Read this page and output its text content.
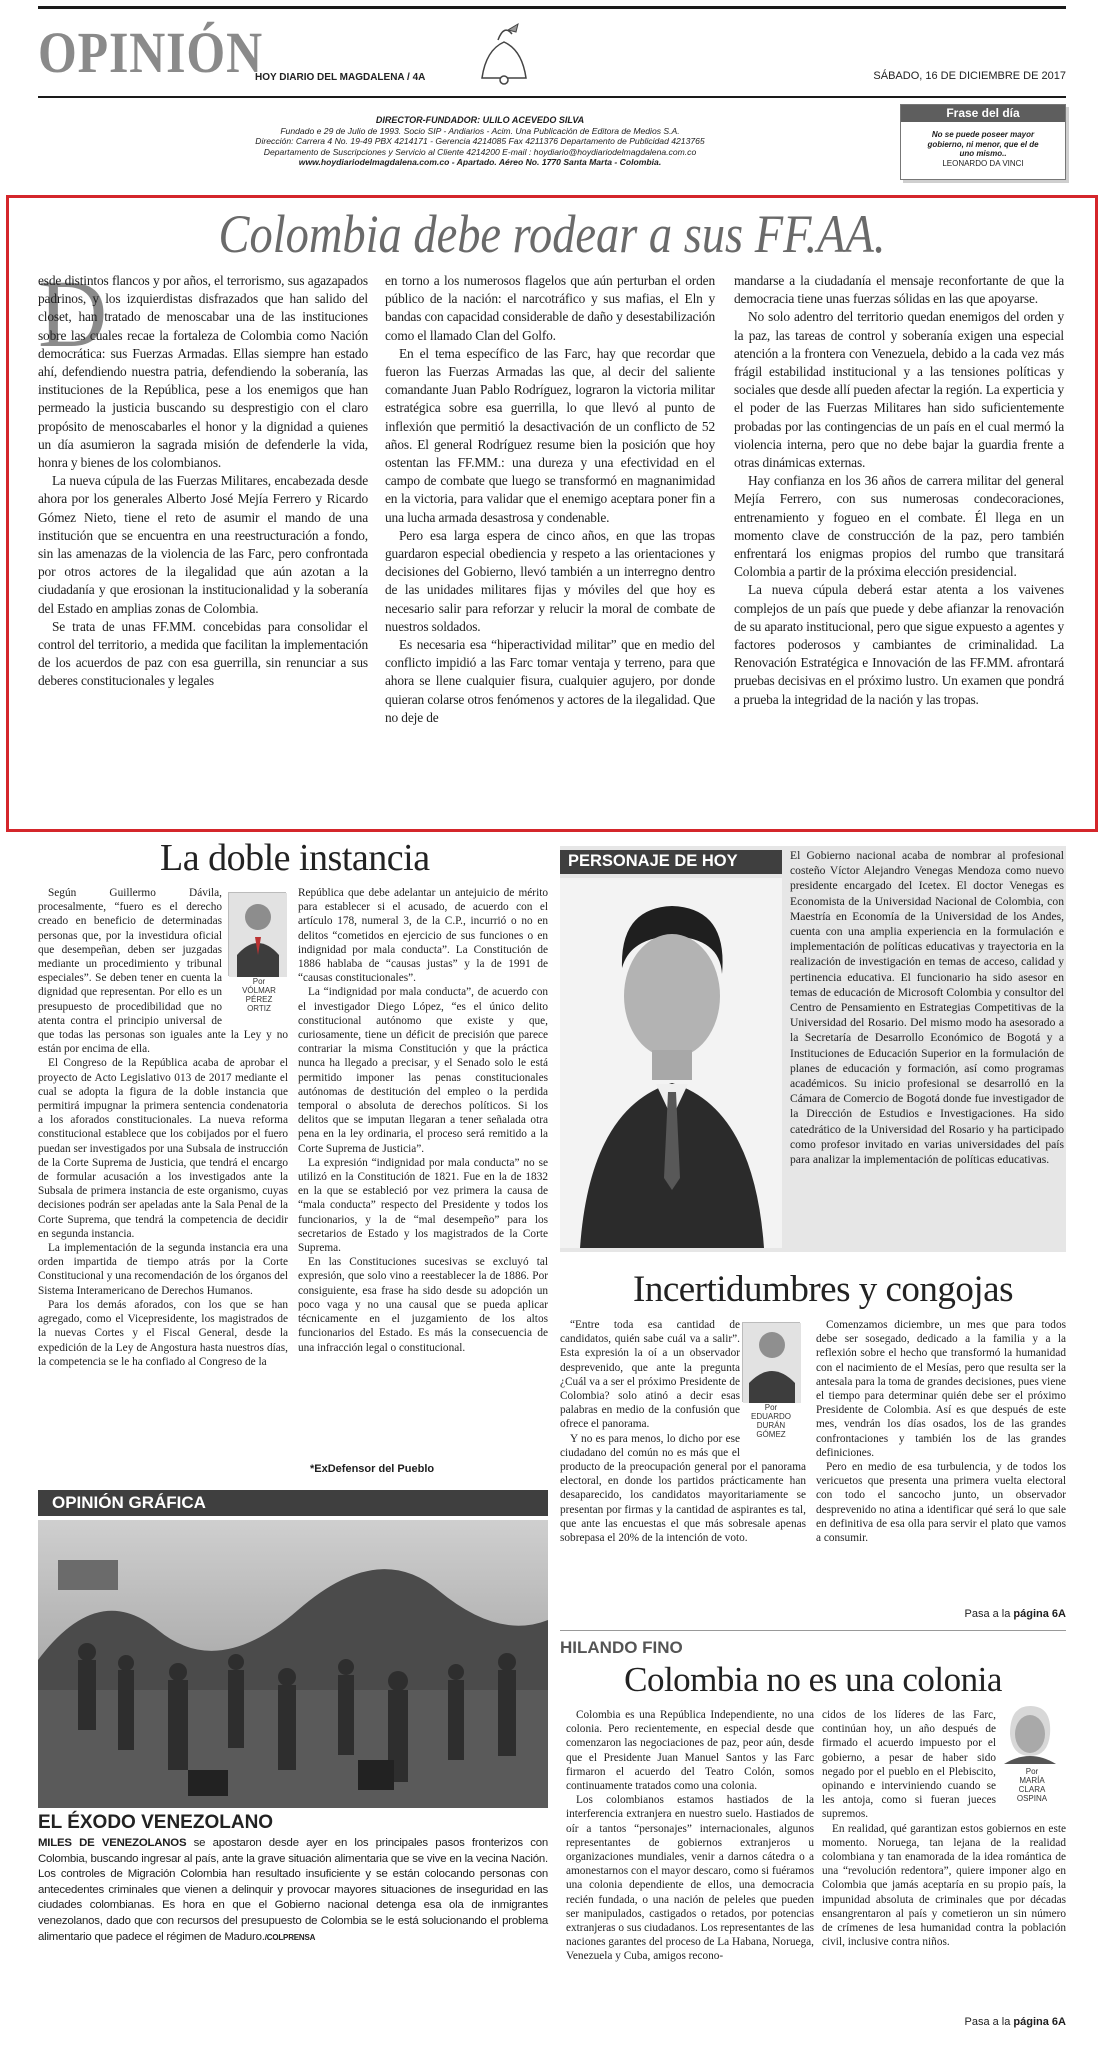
OPINIÓN
HOY DIARIO DEL MAGDALENA / 4A	SÁBADO, 16 DE DICIEMBRE DE 2017
DIRECTOR-FUNDADOR: ULILO ACEVEDO SILVA
Fundado e 29 de Julio de 1993. Socio SIP - Andiarios - Acim. Una Publicación de Editora de Medios S.A.
Dirección: Carrera 4 No. 19-49 PBX 4214171 - Gerencia 4214085 Fax 4211376 Departamento de Publicidad 4213765
Departamento de Suscripciones y Servicio al Cliente 4214200 E-mail : hoydiario@hoydiariodelmagdalena.com.co
www.hoydiariodelmagdalena.com.co - Apartado. Aéreo No. 1770 Santa Marta - Colombia.
Frase del día
No se puede poseer mayor gobierno, ni menor, que el de uno mismo..
LEONARDO DA VINCI
Colombia debe rodear a sus FF.AA.
D

esde distintos flancos y por años, el terrorismo, sus agazapados padrinos, y los izquierdistas disfrazados que han salido del closet, han tratado de menoscabar una de las instituciones sobre las cuales recae la fortaleza de Colombia como Nación democrática: sus Fuerzas Armadas. Ellas siempre han estado ahí, defendiendo nuestra patria, defendiendo la soberanía, las instituciones de la República, pese a los enemigos que han permeado la justicia buscando su desprestigio con el claro propósito de menoscabarles el honor y la dignidad a quienes un día asumieron la sagrada misión de defenderle la vida, honra y bienes de los colombianos.

La nueva cúpula de las Fuerzas Militares, encabezada desde ahora por los generales Alberto José Mejía Ferrero y Ricardo Gómez Nieto, tiene el reto de asumir el mando de una institución que se encuentra en una reestructuración a fondo, sin las amenazas de la violencia de las Farc, pero confrontada por otros actores de la ilegalidad que aún azotan a la ciudadanía y que erosionan la institucionalidad y la soberanía del Estado en amplias zonas de Colombia.

Se trata de unas FF.MM. concebidas para consolidar el control del territorio, a medida que facilitan la implementación de los acuerdos de paz con esa guerrilla, sin renunciar a sus deberes constitucionales y legales

en torno a los numerosos flagelos que aún perturban el orden público de la nación: el narcotráfico y sus mafias, el Eln y bandas con capacidad considerable de daño y desestabilización como el llamado Clan del Golfo.

En el tema específico de las Farc, hay que recordar que fueron las Fuerzas Armadas las que, al decir del saliente comandante Juan Pablo Rodríguez, lograron la victoria militar estratégica sobre esa guerrilla, lo que llevó al punto de inflexión que permitió la desactivación de un conflicto de 52 años. El general Rodríguez resume bien la posición que hoy ostentan las FF.MM.: una dureza y una efectividad en el campo de combate que luego se transformó en magnanimidad en la victoria, para validar que el enemigo aceptara poner fin a una lucha armada desastrosa y condenable.

Pero esa larga espera de cinco años, en que las tropas guardaron especial obediencia y respeto a las orientaciones y decisiones del Gobierno, llevó también a un interregno dentro de las unidades militares fijas y móviles del que hoy es necesario salir para reforzar y relucir la moral de combate de nuestros soldados.

Es necesaria esa “hiperactividad militar” que en medio del conflicto impidió a las Farc tomar ventaja y terreno, para que ahora se llene cualquier fisura, cualquier agujero, por donde quieran colarse otros fenómenos y actores de la ilegalidad. Que no deje de

mandarse a la ciudadanía el mensaje reconfortante de que la democracia tiene unas fuerzas sólidas en las que apoyarse.

No solo adentro del territorio quedan enemigos del orden y la paz, las tareas de control y soberanía exigen una especial atención a la frontera con Venezuela, debido a la cada vez más frágil estabilidad institucional y a las tensiones políticas y sociales que desde allí pueden afectar la región. La experticia y el poder de las Fuerzas Militares han sido suficientemente probadas por las contingencias de un país en el cual mermó la violencia interna, pero que no debe bajar la guardia frente a otras dinámicas externas.

Hay confianza en los 36 años de carrera militar del general Mejía Ferrero, con sus numerosas condecoraciones, entrenamiento y fogueo en el combate. Él llega en un momento clave de construcción de la paz, pero también enfrentará los enigmas propios del rumbo que transitará Colombia a partir de la próxima elección presidencial.

La nueva cúpula deberá estar atenta a los vaivenes complejos de un país que puede y debe afianzar la renovación de su aparato institucional, pero que sigue expuesto a agentes y factores poderosos y cambiantes de criminalidad. La Renovación Estratégica e Innovación de las FF.MM. afrontará pruebas decisivas en el próximo lustro. Un examen que pondrá a prueba la integridad de la nación y las tropas.

La doble instancia
Por
VÓLMAR
PÉREZ
ORTIZ

Según Guillermo Dávila, procesalmente, “fuero es el derecho creado en beneficio de determinadas personas que, por la investidura oficial que desempeñan, deben ser juzgadas mediante un procedimiento y tribunal especiales”. Se deben tener en cuenta la dignidad que representan. Por ello es un presupuesto de procedibilidad que no atenta contra el principio universal de que todas las personas son iguales ante la Ley y no están por encima de ella.

El Congreso de la República acaba de aprobar el proyecto de Acto Legislativo 013 de 2017 mediante el cual se adopta la figura de la doble instancia que permitirá impugnar la primera sentencia condenatoria a los aforados constitucionales. La nueva reforma constitucional establece que los cobijados por el fuero puedan ser investigados por una Subsala de instrucción de la Corte Suprema de Justicia, que tendrá el encargo de formular acusación a los investigados ante la Subsala de primera instancia de este organismo, cuyas decisiones podrán ser apeladas ante la Sala Penal de la Corte Suprema, que tendrá la competencia de decidir en segunda instancia.

La implementación de la segunda instancia era una orden impartida de tiempo atrás por la Corte Constitucional y una recomendación de los órganos del Sistema Interamericano de Derechos Humanos.

Para los demás aforados, con los que se han agregado, como el Vicepresidente, los magistrados de la nuevas Cortes y el Fiscal General, desde la expedición de la Ley de Angostura hasta nuestros días, la competencia se le ha confiado al Congreso de la

República que debe adelantar un antejuicio de mérito para establecer si el acusado, de acuerdo con el artículo 178, numeral 3, de la C.P., incurrió o no en delitos “cometidos en ejercicio de sus funciones o en indignidad por mala conducta”. La Constitución de 1886 hablaba de “causas justas” y la de 1991 de “causas constitucionales”.

La “indignidad por mala conducta”, de acuerdo con el investigador Diego López, “es el único delito constitucional autónomo que existe y que, curiosamente, tiene un déficit de precisión que parece contrariar la misma Constitución y que la práctica nunca ha llegado a precisar, y el Senado solo le está permitido imponer las penas constitucionales autónomas de destitución del empleo o la perdida temporal o absoluta de derechos políticos. Si los delitos que se imputan llegaran a tener señalada otra pena en la ley ordinaria, el proceso será remitido a la Corte Suprema de Justicia”.

La expresión “indignidad por mala conducta” no se utilizó en la Constitución de 1821. Fue en la de 1832 en la que se estableció por vez primera la causa de “mala conducta” respecto del Presidente y todos los funcionarios, y la de “mal desempeño” para los secretarios de Estado y los magistrados de la Corte Suprema.

En las Constituciones sucesivas se excluyó tal expresión, que solo vino a reestablecer la de 1886. Por consiguiente, esa frase ha sido desde su adopción un poco vaga y no una causal que se pueda aplicar técnicamente en el juzgamiento de los altos funcionarios del Estado. Es más la consecuencia de una infracción legal o constitucional.

*ExDefensor del Pueblo
OPINIÓN GRÁFICA
EL ÉXODO VENEZOLANO
MILES DE VENEZOLANOS se apostaron desde ayer en los principales pasos fronterizos con Colombia, buscando ingresar al país, ante la grave situación alimentaria que se vive en la vecina Nación. Los controles de Migración Colombia han resultado insuficiente y se están colocando personas con antecedentes criminales que vienen a delinquir y provocar mayores situaciones de inseguridad en las ciudades colombianas. Es hora en que el Gobierno nacional detenga esa ola de inmigrantes venezolanos, dado que con recursos del presupuesto de Colombia se le está solucionando el problema alimentario que padece el régimen de Maduro./COLPRENSA
PERSONAJE DE HOY	El Gobierno nacional acaba de nombrar al profesional costeño Víctor Alejandro Venegas Mendoza como nuevo presidente encargado del Icetex. El doctor Venegas es Economista de la Universidad Nacional de Colombia, con Maestría en Economía de la Universidad de los Andes, cuenta con una amplia experiencia en la formulación e implementación de políticas educativas y trayectoria en la realización de investigación en temas de acceso, calidad y pertinencia educativa. El funcionario ha sido asesor en temas de educación de Microsoft Colombia y consultor del Centro de Pensamiento en Estrategias Competitivas de la Universidad del Rosario. Del mismo modo ha asesorado a la Secretaría de Desarrollo Económico de Bogotá y a Instituciones de Educación Superior en la formulación de planes de educación y formación, así como programas académicos. Su inicio profesional se desarrolló en la Cámara de Comercio de Bogotá donde fue investigador de la Dirección de Estudios e Investigaciones. Ha sido catedrático de la Universidad del Rosario y ha participado como profesor invitado en varias universidades del país para analizar la implementación de políticas educativas.

Incertidumbres y congojas
Por
EDUARDO
DURÁN
GÓMEZ

“Entre toda esa cantidad de candidatos, quién sabe cuál va a salir”. Esta expresión la oí a un observador desprevenido, que ante la pregunta ¿Cuál va a ser el próximo Presidente de Colombia? solo atinó a decir esas palabras en medio de la confusión que ofrece el panorama.

Y no es para menos, lo dicho por ese ciudadano del común no es más que el producto de la preocupación general por el panorama electoral, en donde los partidos prácticamente han desaparecido, los candidatos mayoritariamente se presentan por firmas y la cantidad de aspirantes es tal, que ante las encuestas el que más sobresale apenas sobrepasa el 20% de la intención de voto.

Comenzamos diciembre, un mes que para todos debe ser sosegado, dedicado a la familia y a la reflexión sobre el hecho que transformó la humanidad con el nacimiento de el Mesías, pero que resulta ser la antesala para la toma de grandes decisiones, pues viene el tiempo para determinar quién debe ser el próximo Presidente de Colombia. Así es que después de este mes, vendrán los días osados, los de las grandes confrontaciones y también los de las grandes definiciones.

Pero en medio de esa turbulencia, y de todos los vericuetos que presenta una primera vuelta electoral con todo el sancocho junto, un observador desprevenido no atina a identificar qué será lo que sale en definitiva de esa olla para servir el plato que vamos a consumir.

Pasa a la página 6A
HILANDO FINO
Colombia no es una colonia
Por
MARÍA
CLARA
OSPINA

Colombia es una República Independiente, no una colonia. Pero recientemente, en especial desde que comenzaron las negociaciones de paz, peor aún, desde que el Presidente Juan Manuel Santos y las Farc firmaron el acuerdo del Teatro Colón, somos continuamente tratados como una colonia.

Los colombianos estamos hastiados de la interferencia extranjera en nuestro suelo. Hastiados de oír a tantos “personajes” internacionales, algunos representantes de gobiernos extranjeros u organizaciones mundiales, venir a darnos cátedra o a amonestarnos con el mayor descaro, como si fuéramos una colonia dependiente de ellos, una democracia recién fundada, o una nación de peleles que pueden ser manipulados, castigados o retados, por potencias extranjeras o sus ciudadanos. Los representantes de las naciones garantes del proceso de La Habana, Noruega, Venezuela y Cuba, amigos recono-

cidos de los líderes de las Farc, continúan hoy, un año después de firmado el acuerdo impuesto por el gobierno, a pesar de haber sido negado por el pueblo en el Plebiscito, opinando e interviniendo cuando se les antoja, como si fueran jueces supremos.

En realidad, qué garantizan estos gobiernos en este momento. Noruega, tan lejana de la realidad colombiana y tan enamorada de la idea romántica de una “revolución redentora”, quiere imponer algo en Colombia que jamás aceptaría en su propio país, la impunidad absoluta de criminales que por décadas ensangrentaron al país y cometieron un sin número de crímenes de lesa humanidad contra la población civil, inclusive contra niños.

Pasa a la página 6A
